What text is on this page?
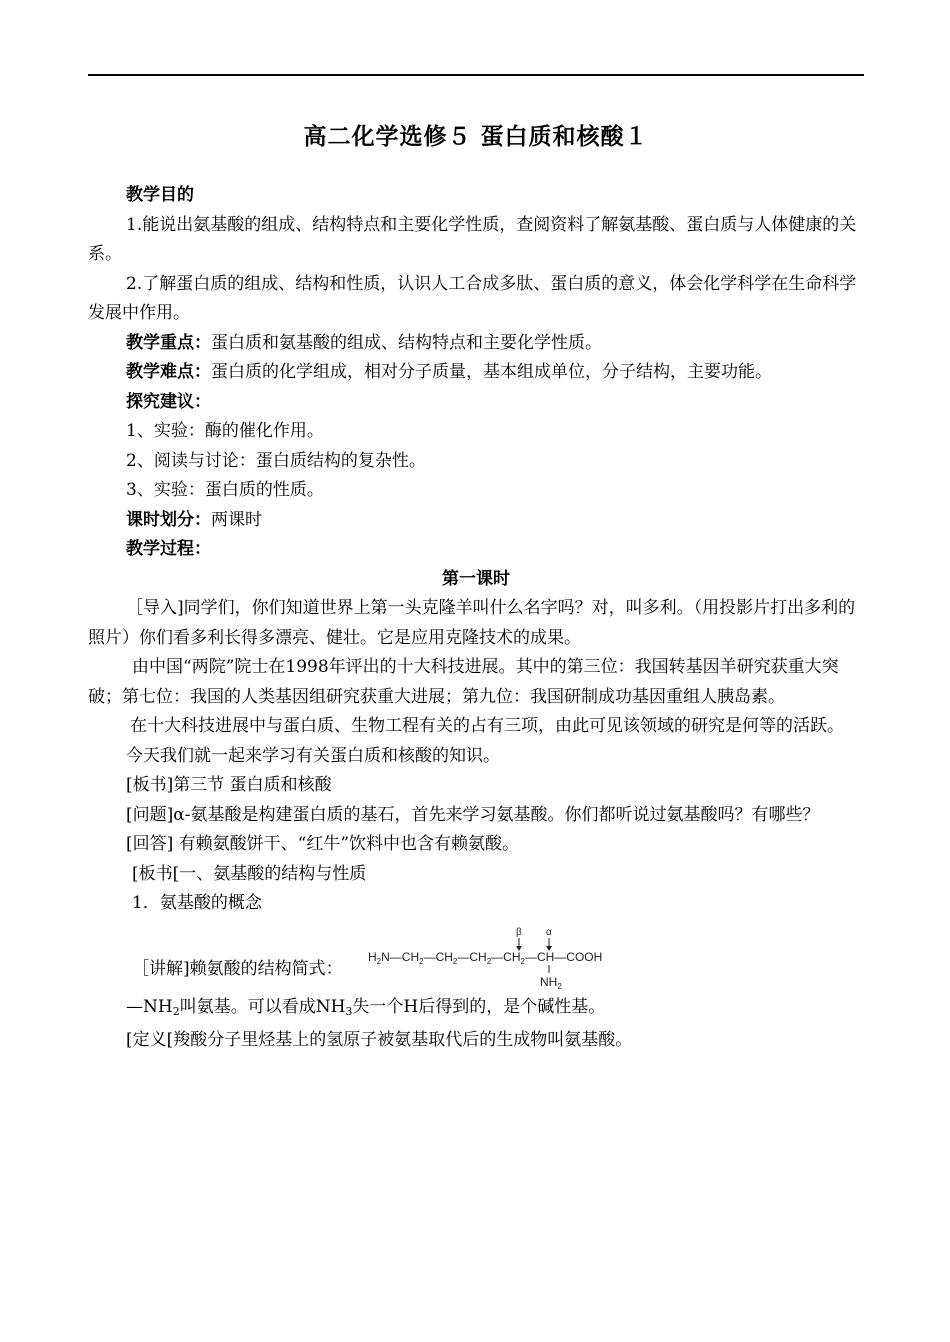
高二化学选修５ 蛋白质和核酸１

教学目的

1.能说出氨基酸的组成、结构特点和主要化学性质，查阅资料了解氨基酸、蛋白质与人体健康的关系。

2.了解蛋白质的组成、结构和性质，认识人工合成多肽、蛋白质的意义，体会化学科学在生命科学发展中作用。

教学重点：蛋白质和氨基酸的组成、结构特点和主要化学性质。

教学难点：蛋白质的化学组成，相对分子质量，基本组成单位，分子结构，主要功能。

探究建议：

1、实验：酶的催化作用。

2、阅读与讨论：蛋白质结构的复杂性。

3、实验：蛋白质的性质。

课时划分：两课时

教学过程：

第一课时

［导入]同学们，你们知道世界上第一头克隆羊叫什么名字吗？对，叫多利。（用投影片打出多利的照片）你们看多利长得多漂亮、健壮。它是应用克隆技术的成果。

由中国“两院”院士在1998年评出的十大科技进展。其中的第三位：我国转基因羊研究获重大突破；第七位：我国的人类基因组研究获重大进展；第九位：我国研制成功基因重组人胰岛素。

在十大科技进展中与蛋白质、生物工程有关的占有三项，由此可见该领域的研究是何等的活跃。

今天我们就一起来学习有关蛋白质和核酸的知识。

[板书]第三节 蛋白质和核酸

[问题]α-氨基酸是构建蛋白质的基石，首先来学习氨基酸。你们都听说过氨基酸吗？有哪些？

[回答] 有赖氨酸饼干、“红牛”饮料中也含有赖氨酸。

[板书[一、氨基酸的结构与性质

1．氨基酸的概念

［讲解]赖氨酸的结构简式：
β α
$H_2N—CH_2—CH_2—CH_2—CH_2—CH—COOH$
$NH_2$

$—NH_2$叫氨基。可以看成$NH_3$失一个H后得到的，是个碱性基。

[定义[羧酸分子里烃基上的氢原子被氨基取代后的生成物叫氨基酸。
